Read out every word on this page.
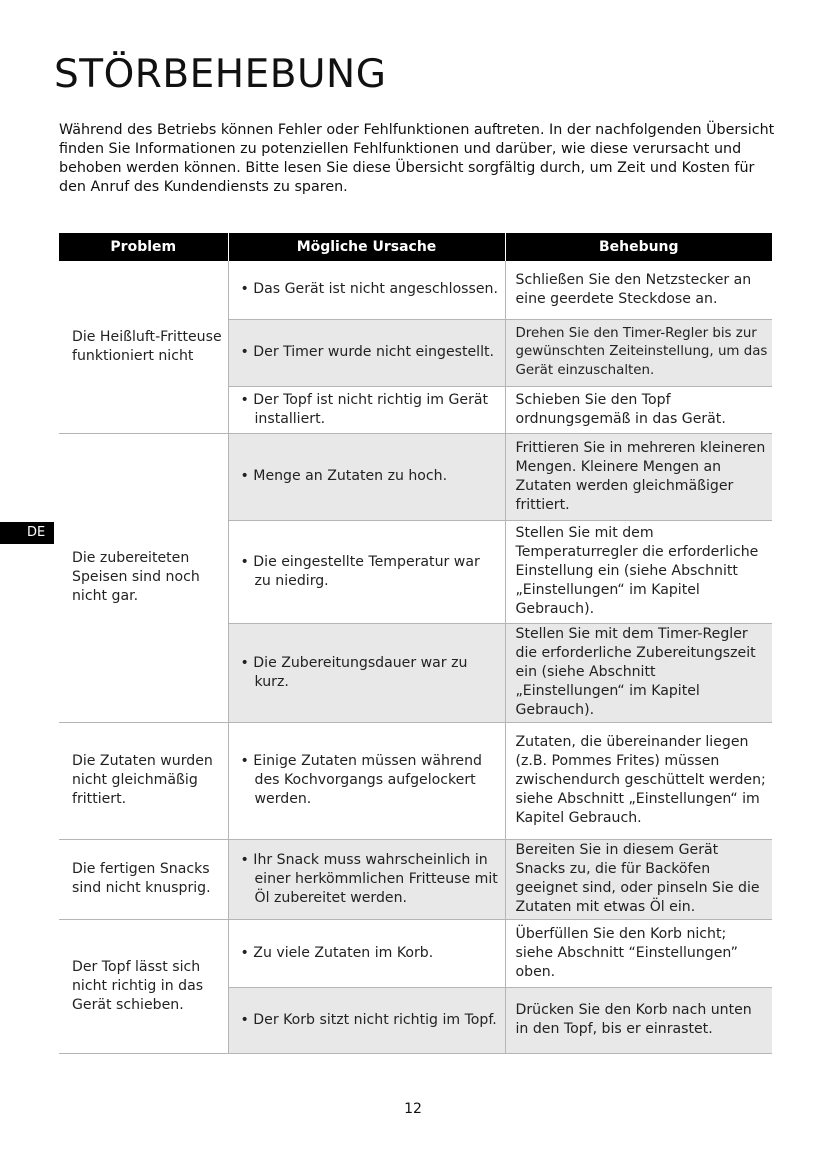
STÖRBEHEBUNG
Während des Betriebs können Fehler oder Fehlfunktionen auftreten. In der nachfolgenden Übersicht finden Sie Informationen zu potenziellen Fehlfunktionen und darüber, wie diese verursacht und behoben werden können. Bitte lesen Sie diese Übersicht sorgfältig durch, um Zeit und Kosten für den Anruf des Kundendiensts zu sparen.
DE
Problem	Mögliche Ursache	Behebung
Die Heißluft-Fritteuse funktioniert nicht	• Das Gerät ist nicht angeschlossen.	Schließen Sie den Netzstecker an eine geerdete Steckdose an.

	• Der Timer wurde nicht eingestellt.	Drehen Sie den Timer-Regler bis zur gewünschten Zeiteinstellung, um das Gerät einzuschalten.

	• Der Topf ist nicht richtig im Gerät installiert.	Schieben Sie den Topf ordnungsgemäß in das Gerät.
Die zubereiteten Speisen sind noch nicht gar.	• Menge an Zutaten zu hoch.	Frittieren Sie in mehreren kleineren Mengen. Kleinere Mengen an Zutaten werden gleichmäßiger frittiert.

	• Die eingestellte Temperatur war zu niedirg.	Stellen Sie mit dem Temperaturregler die erforderliche Einstellung ein (siehe Abschnitt „Einstellungen“ im Kapitel Gebrauch).

	• Die Zubereitungsdauer war zu kurz.	Stellen Sie mit dem Timer-Regler die erforderliche Zubereitungszeit ein (siehe Abschnitt „Einstellungen“ im Kapitel Gebrauch).
Die Zutaten wurden nicht gleichmäßig frittiert.	• Einige Zutaten müssen während des Kochvorgangs aufgelockert werden.	Zutaten, die übereinander liegen (z.B. Pommes Frites) müssen zwischendurch geschüttelt werden; siehe Abschnitt „Einstellungen“ im Kapitel Gebrauch.
Die fertigen Snacks sind nicht knusprig.	• Ihr Snack muss wahrscheinlich in einer herkömmlichen Fritteuse mit Öl zubereitet werden.	Bereiten Sie in diesem Gerät Snacks zu, die für Backöfen geeignet sind, oder pinseln Sie die Zutaten mit etwas Öl ein.
Der Topf lässt sich nicht richtig in das Gerät schieben.	• Zu viele Zutaten im Korb.	Überfüllen Sie den Korb nicht; siehe Abschnitt “Einstellungen” oben.

	• Der Korb sitzt nicht richtig im Topf.	Drücken Sie den Korb nach unten in den Topf, bis er einrastet.
12
